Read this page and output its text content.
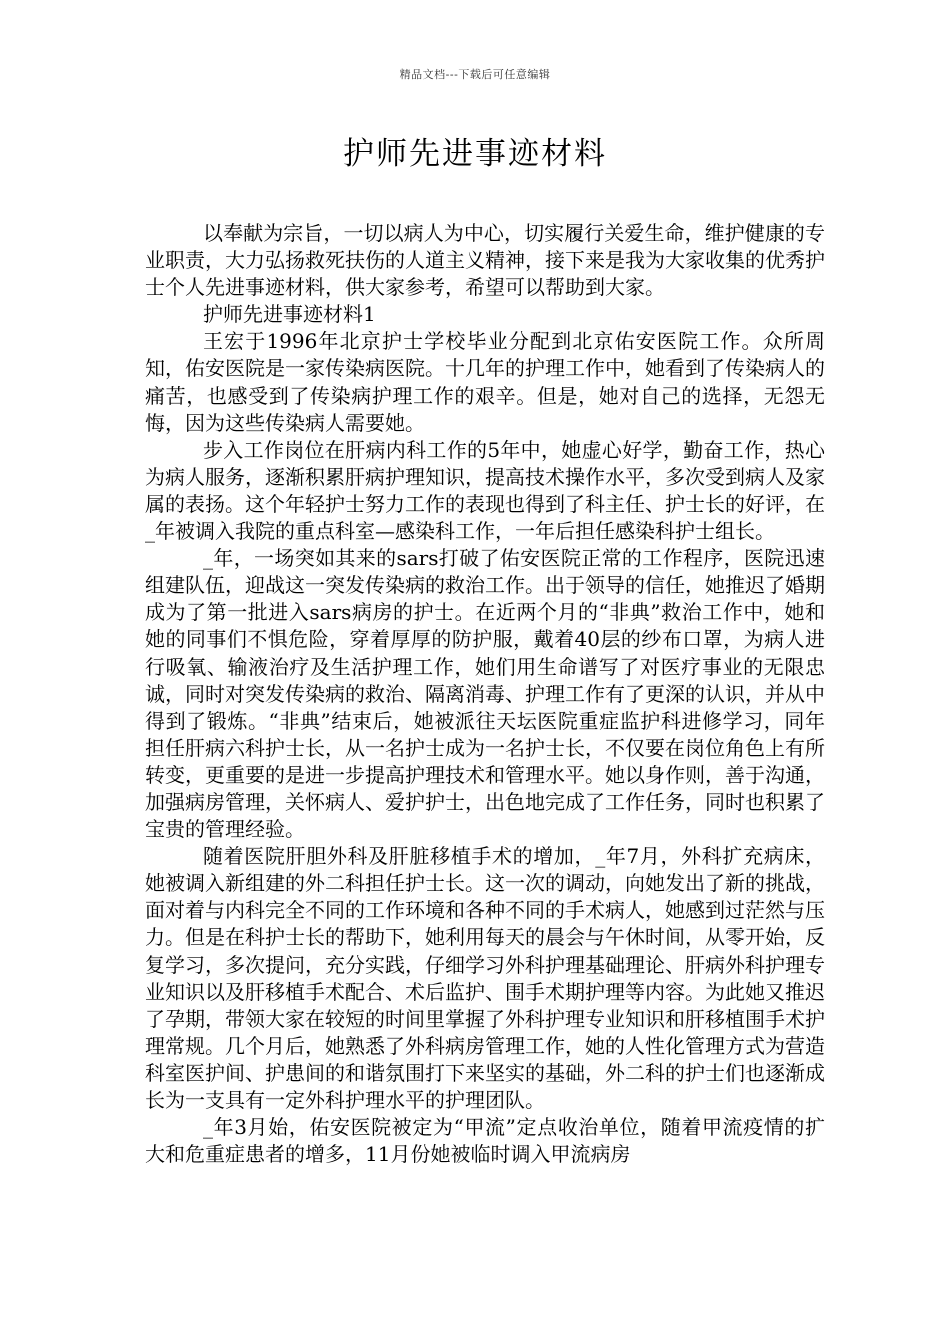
精品文档---下载后可任意编辑
护师先进事迹材料

以奉献为宗旨，一切以病人为中心，切实履行关爱生命，维护健康的专业职责，大力弘扬救死扶伤的人道主义精神，接下来是我为大家收集的优秀护士个人先进事迹材料，供大家参考，希望可以帮助到大家。

护师先进事迹材料1

王宏于1996年北京护士学校毕业分配到北京佑安医院工作。众所周知，佑安医院是一家传染病医院。十几年的护理工作中，她看到了传染病人的痛苦，也感受到了传染病护理工作的艰辛。但是，她对自己的选择，无怨无悔，因为这些传染病人需要她。

步入工作岗位在肝病内科工作的5年中，她虚心好学，勤奋工作，热心为病人服务，逐渐积累肝病护理知识，提高技术操作水平，多次受到病人及家属的表扬。这个年轻护士努力工作的表现也得到了科主任、护士长的好评，在_年被调入我院的重点科室—感染科工作，一年后担任感染科护士组长。

_年，一场突如其来的sars打破了佑安医院正常的工作程序，医院迅速组建队伍，迎战这一突发传染病的救治工作。出于领导的信任，她推迟了婚期成为了第一批进入sars病房的护士。在近两个月的“非典”救治工作中，她和她的同事们不惧危险，穿着厚厚的防护服，戴着40层的纱布口罩，为病人进行吸氧、输液治疗及生活护理工作，她们用生命谱写了对医疗事业的无限忠诚，同时对突发传染病的救治、隔离消毒、护理工作有了更深的认识，并从中得到了锻炼。“非典”结束后，她被派往天坛医院重症监护科进修学习，同年担任肝病六科护士长，从一名护士成为一名护士长，不仅要在岗位角色上有所转变，更重要的是进一步提高护理技术和管理水平。她以身作则，善于沟通，加强病房管理，关怀病人、爱护护士，出色地完成了工作任务，同时也积累了宝贵的管理经验。

随着医院肝胆外科及肝脏移植手术的增加，_年7月，外科扩充病床，她被调入新组建的外二科担任护士长。这一次的调动，向她发出了新的挑战，面对着与内科完全不同的工作环境和各种不同的手术病人，她感到过茫然与压力。但是在科护士长的帮助下，她利用每天的晨会与午休时间，从零开始，反复学习，多次提问，充分实践，仔细学习外科护理基础理论、肝病外科护理专业知识以及肝移植手术配合、术后监护、围手术期护理等内容。为此她又推迟了孕期，带领大家在较短的时间里掌握了外科护理专业知识和肝移植围手术护理常规。几个月后，她熟悉了外科病房管理工作，她的人性化管理方式为营造科室医护间、护患间的和谐氛围打下来坚实的基础，外二科的护士们也逐渐成长为一支具有一定外科护理水平的护理团队。

_年3月始，佑安医院被定为“甲流”定点收治单位，随着甲流疫情的扩大和危重症患者的增多，11月份她被临时调入甲流病房
